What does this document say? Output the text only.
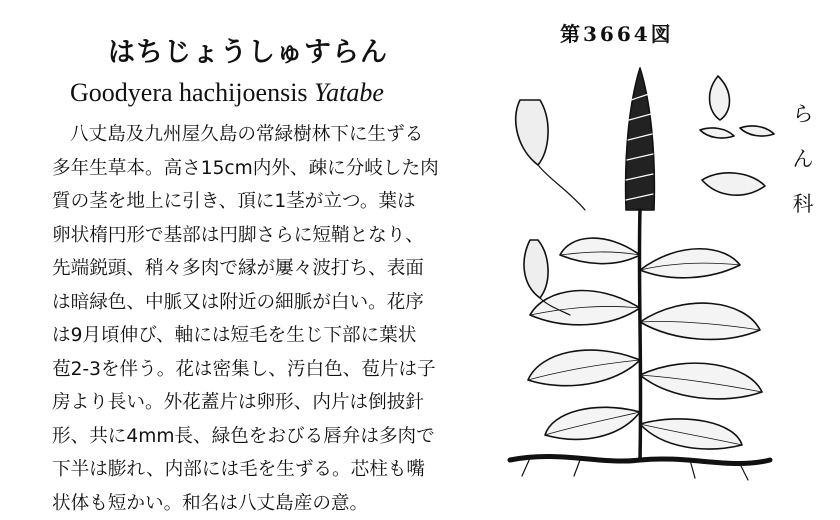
はちじょうしゅすらん
Goodyera hachijoensis Yatabe
第3664図
ら
ん
科
八丈島及九州屋久島の常緑樹林下に生ずる
多年生草本。高さ15cm内外、疎に分岐した肉
質の茎を地上に引き、頂に1茎が立つ。葉は
卵状楕円形で基部は円脚さらに短鞘となり、
先端鋭頭、稍々多肉で縁が屢々波打ち、表面
は暗緑色、中脈又は附近の細脈が白い。花序
は9月頃伸び、軸には短毛を生じ下部に葉状
苞2-3を伴う。花は密集し、汚白色、苞片は子
房より長い。外花蓋片は卵形、内片は倒披針
形、共に4mm長、緑色をおびる唇弁は多肉で
下半は膨れ、内部には毛を生ずる。芯柱も嘴
状体も短かい。和名は八丈島産の意。
